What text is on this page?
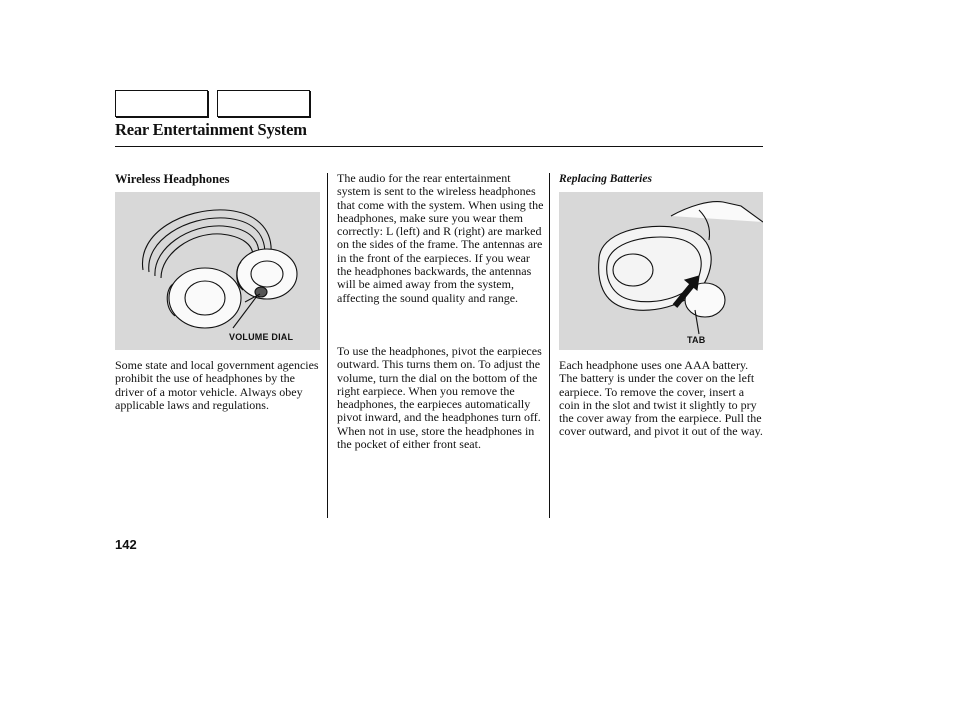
Rear Entertainment System
Wireless Headphones
VOLUME DIAL

Some state and local government agencies prohibit the use of headphones by the driver of a motor vehicle. Always obey applicable laws and regulations.

The audio for the rear entertainment system is sent to the wireless headphones that come with the system. When using the headphones, make sure you wear them correctly: L (left) and R (right) are marked on the sides of the frame. The antennas are in the front of the earpieces. If you wear the headphones backwards, the antennas will be aimed away from the system, affecting the sound quality and range.

To use the headphones, pivot the earpieces outward. This turns them on. To adjust the volume, turn the dial on the bottom of the right earpiece. When you remove the headphones, the earpieces automatically pivot inward, and the headphones turn off. When not in use, store the headphones in the pocket of either front seat.

Replacing Batteries
TAB

Each headphone uses one AAA battery. The battery is under the cover on the left earpiece. To remove the cover, insert a coin in the slot and twist it slightly to pry the cover away from the earpiece. Pull the cover outward, and pivot it out of the way.

142
